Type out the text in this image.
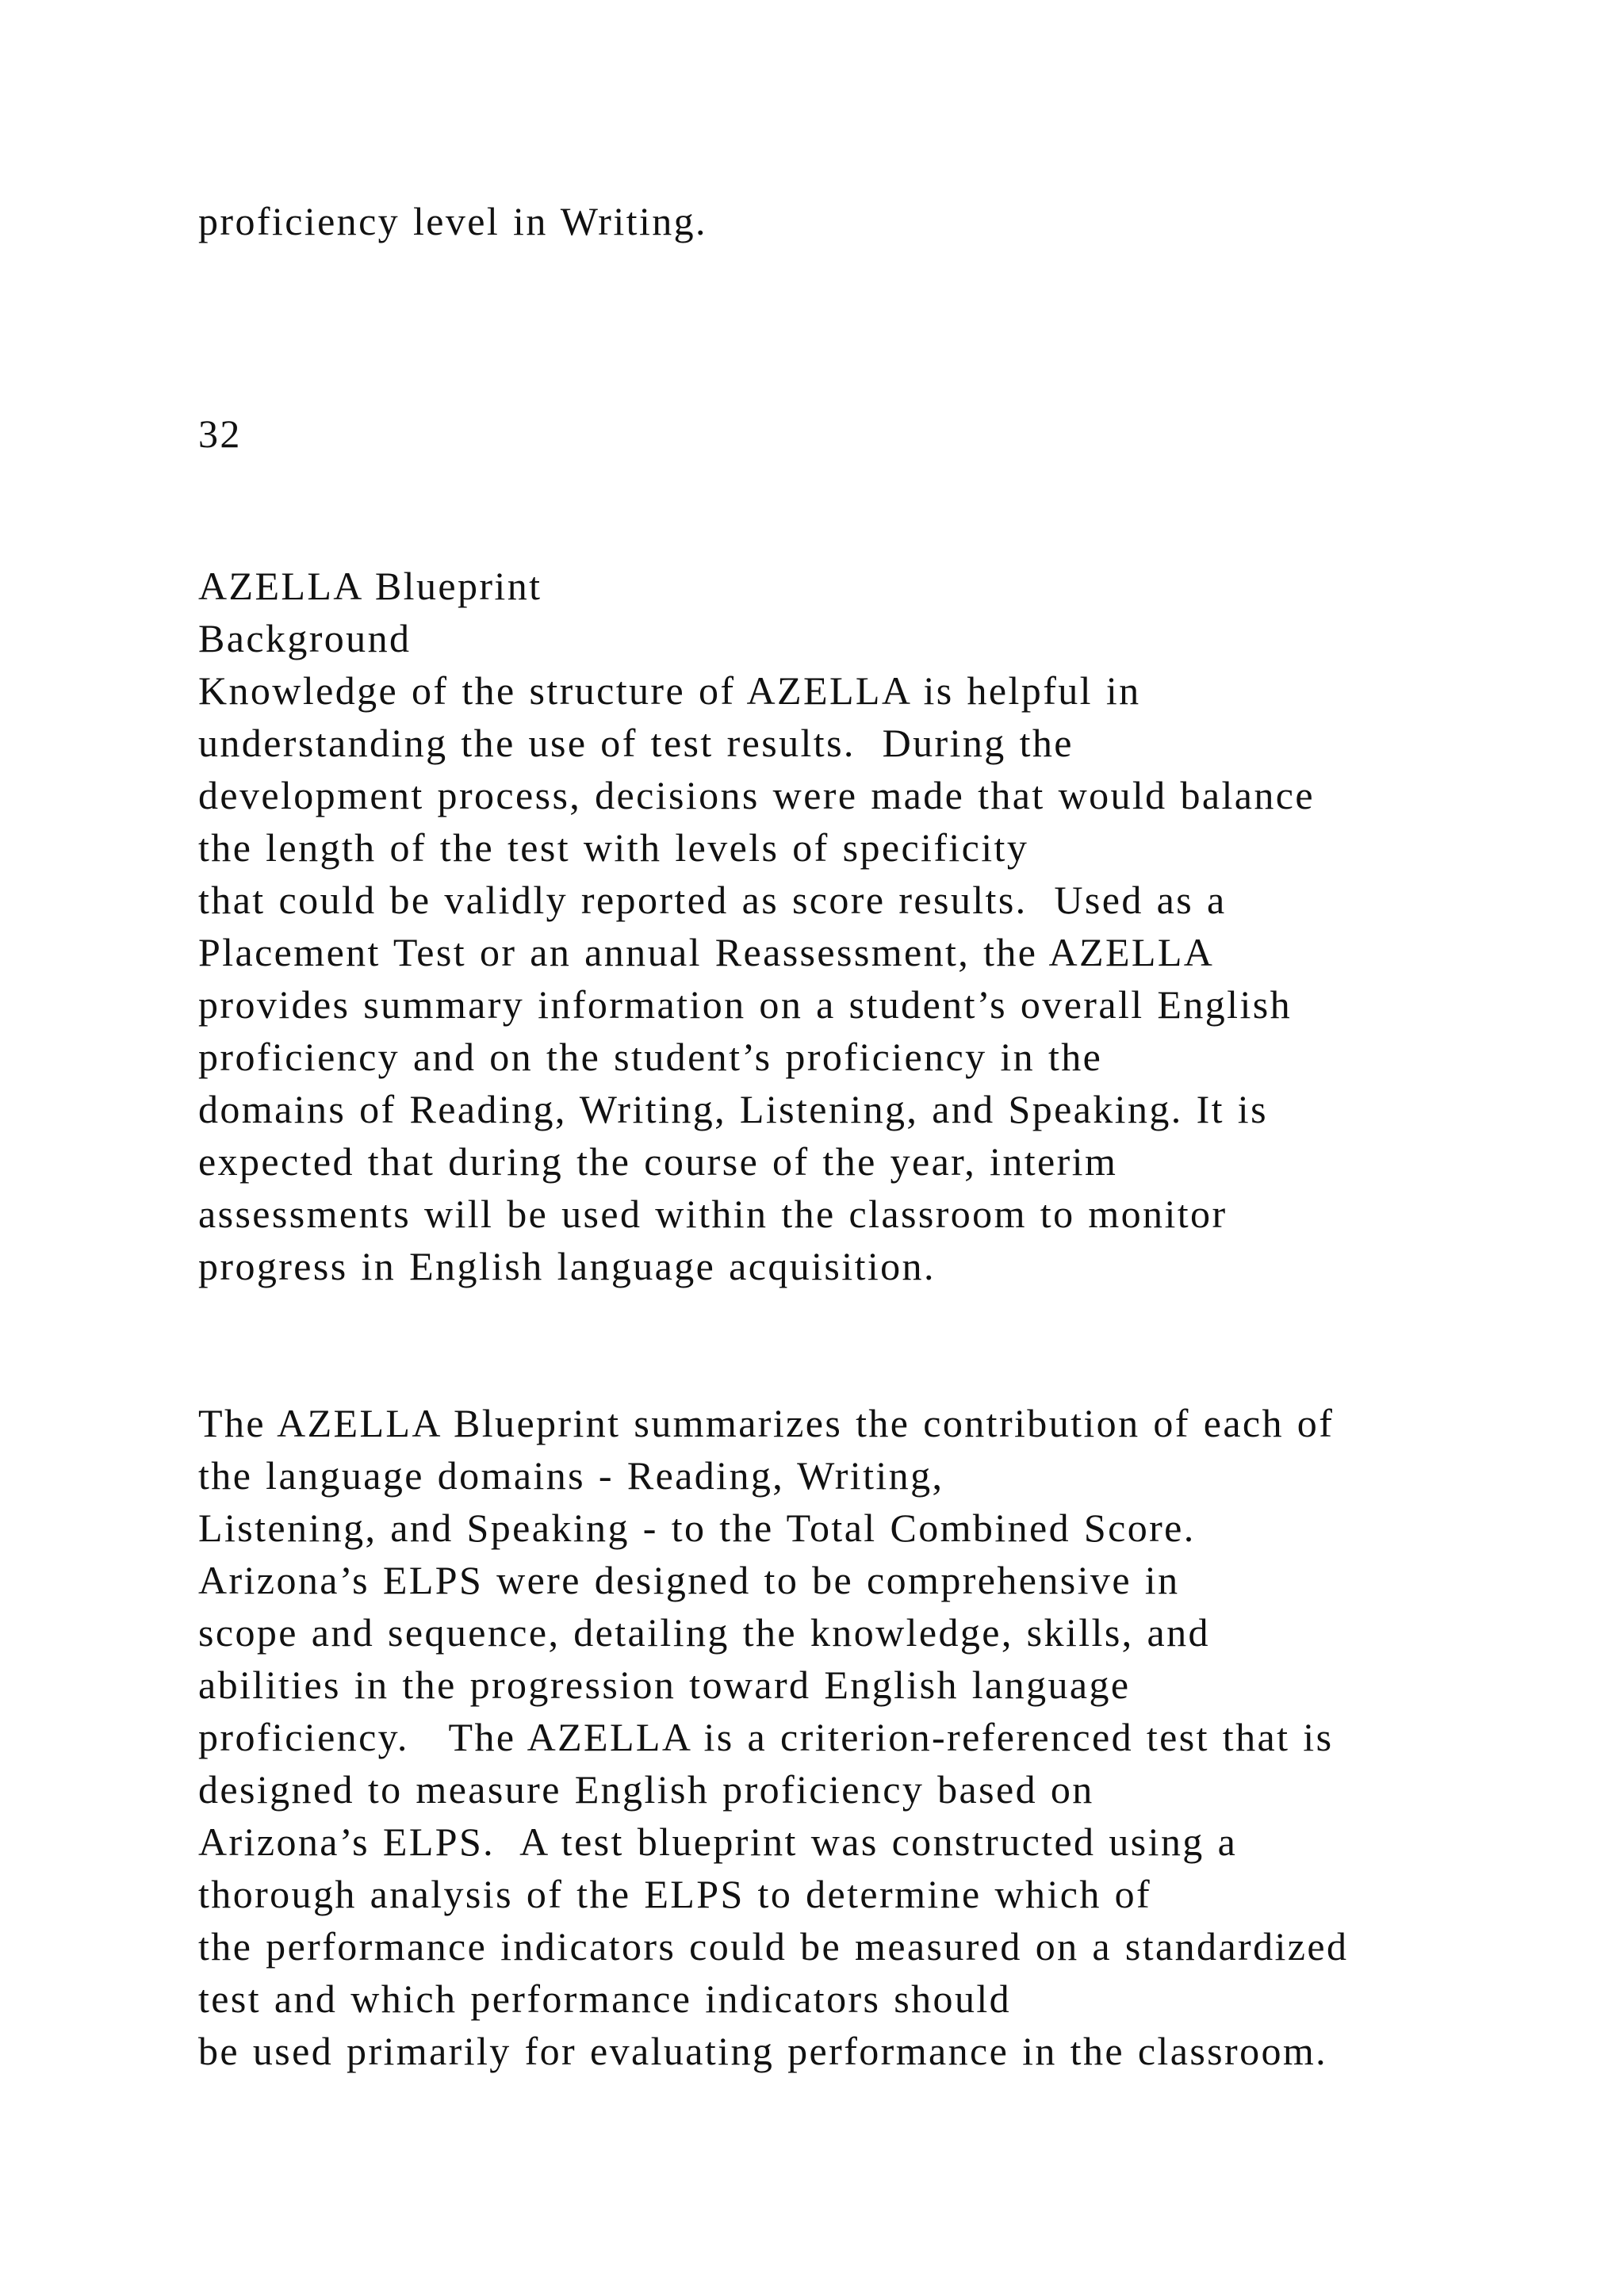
proficiency level in Writing.
32
AZELLA Blueprint
Background
Knowledge of the structure of AZELLA is helpful in
understanding the use of test results.  During the
development process, decisions were made that would balance
the length of the test with levels of specificity
that could be validly reported as score results.  Used as a
Placement Test or an annual Reassessment, the AZELLA
provides summary information on a student’s overall English
proficiency and on the student’s proficiency in the
domains of Reading, Writing, Listening, and Speaking. It is
expected that during the course of the year, interim
assessments will be used within the classroom to monitor
progress in English language acquisition.
The AZELLA Blueprint summarizes the contribution of each of
the language domains - Reading, Writing,
Listening, and Speaking - to the Total Combined Score.
Arizona’s ELPS were designed to be comprehensive in
scope and sequence, detailing the knowledge, skills, and
abilities in the progression toward English language
proficiency.   The AZELLA is a criterion-referenced test that is
designed to measure English proficiency based on
Arizona’s ELPS.  A test blueprint was constructed using a
thorough analysis of the ELPS to determine which of
the performance indicators could be measured on a standardized
test and which performance indicators should
be used primarily for evaluating performance in the classroom.
